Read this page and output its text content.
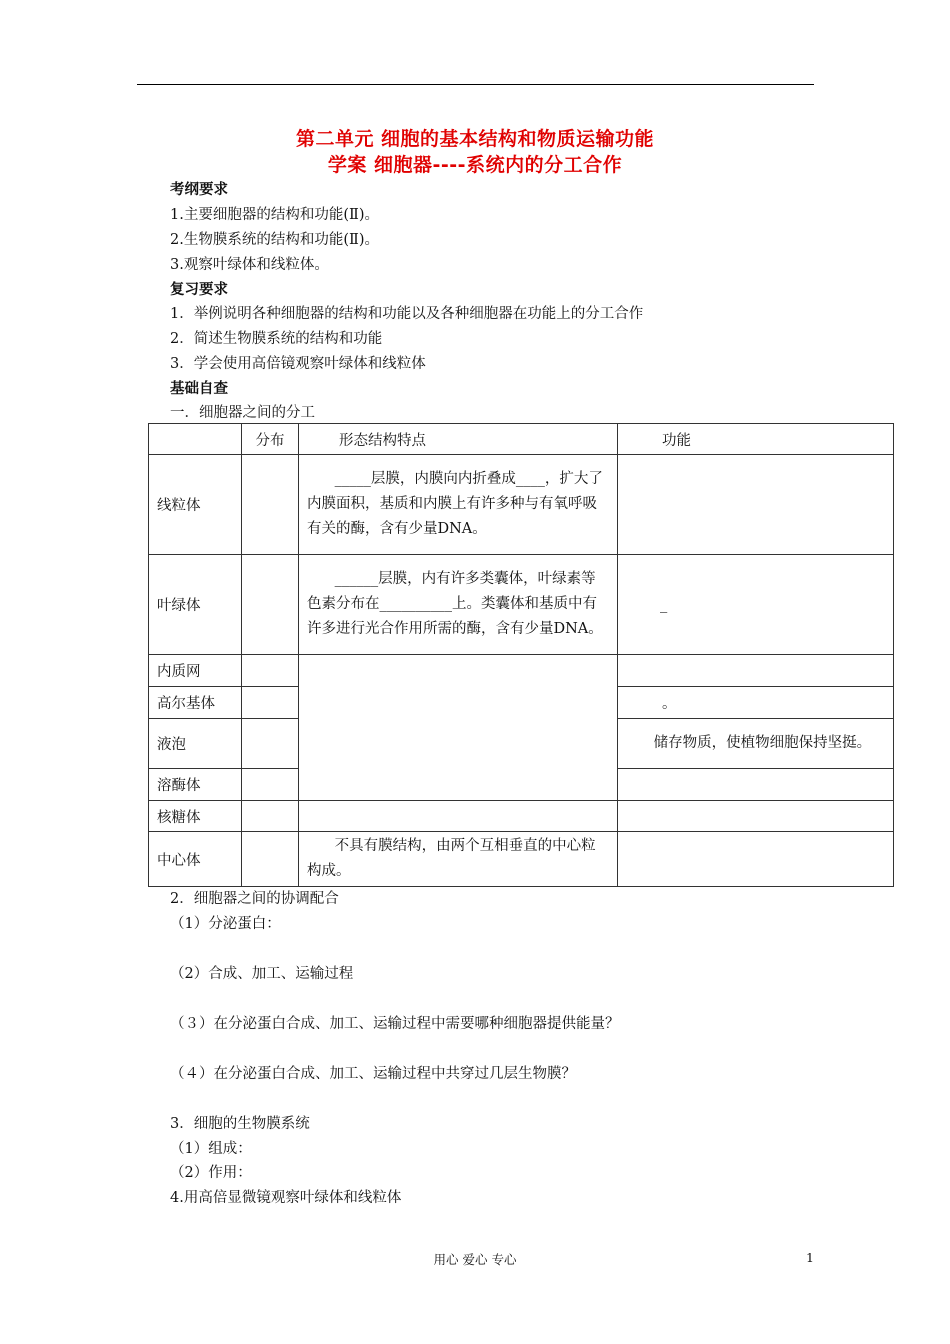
第二单元 细胞的基本结构和物质运输功能
学案 细胞器----系统内的分工合作
考纲要求
1.主要细胞器的结构和功能(Ⅱ)。
2.生物膜系统的结构和功能(Ⅱ)。
3.观察叶绿体和线粒体。
复习要求
1．举例说明各种细胞器的结构和功能以及各种细胞器在功能上的分工合作
2．简述生物膜系统的结构和功能
3．学会使用高倍镜观察叶绿体和线粒体
基础自查
一．细胞器之间的分工
	分布	形态结构特点	功能
线粒体		_____层膜，内膜向内折叠成____，扩大了内膜面积，基质和内膜上有许多种与有氧呼吸有关的酶，含有少量DNA。	
叶绿体		______层膜，内有许多类囊体，叶绿素等色素分布在__________上。类囊体和基质中有许多进行光合作用所需的酶，含有少量DNA。	_
内质网			
高尔基体			。
液泡			储存物质，使植物细胞保持坚挺。
溶酶体			
核糖体			
中心体		不具有膜结构，由两个互相垂直的中心粒构成。	
2．细胞器之间的协调配合
（1）分泌蛋白：
（2）合成、加工、运输过程
（３）在分泌蛋白合成、加工、运输过程中需要哪种细胞器提供能量？
（４）在分泌蛋白合成、加工、运输过程中共穿过几层生物膜？
3．细胞的生物膜系统
（1）组成：
（2）作用：
4.用高倍显微镜观察叶绿体和线粒体
用心 爱心 专心	1
